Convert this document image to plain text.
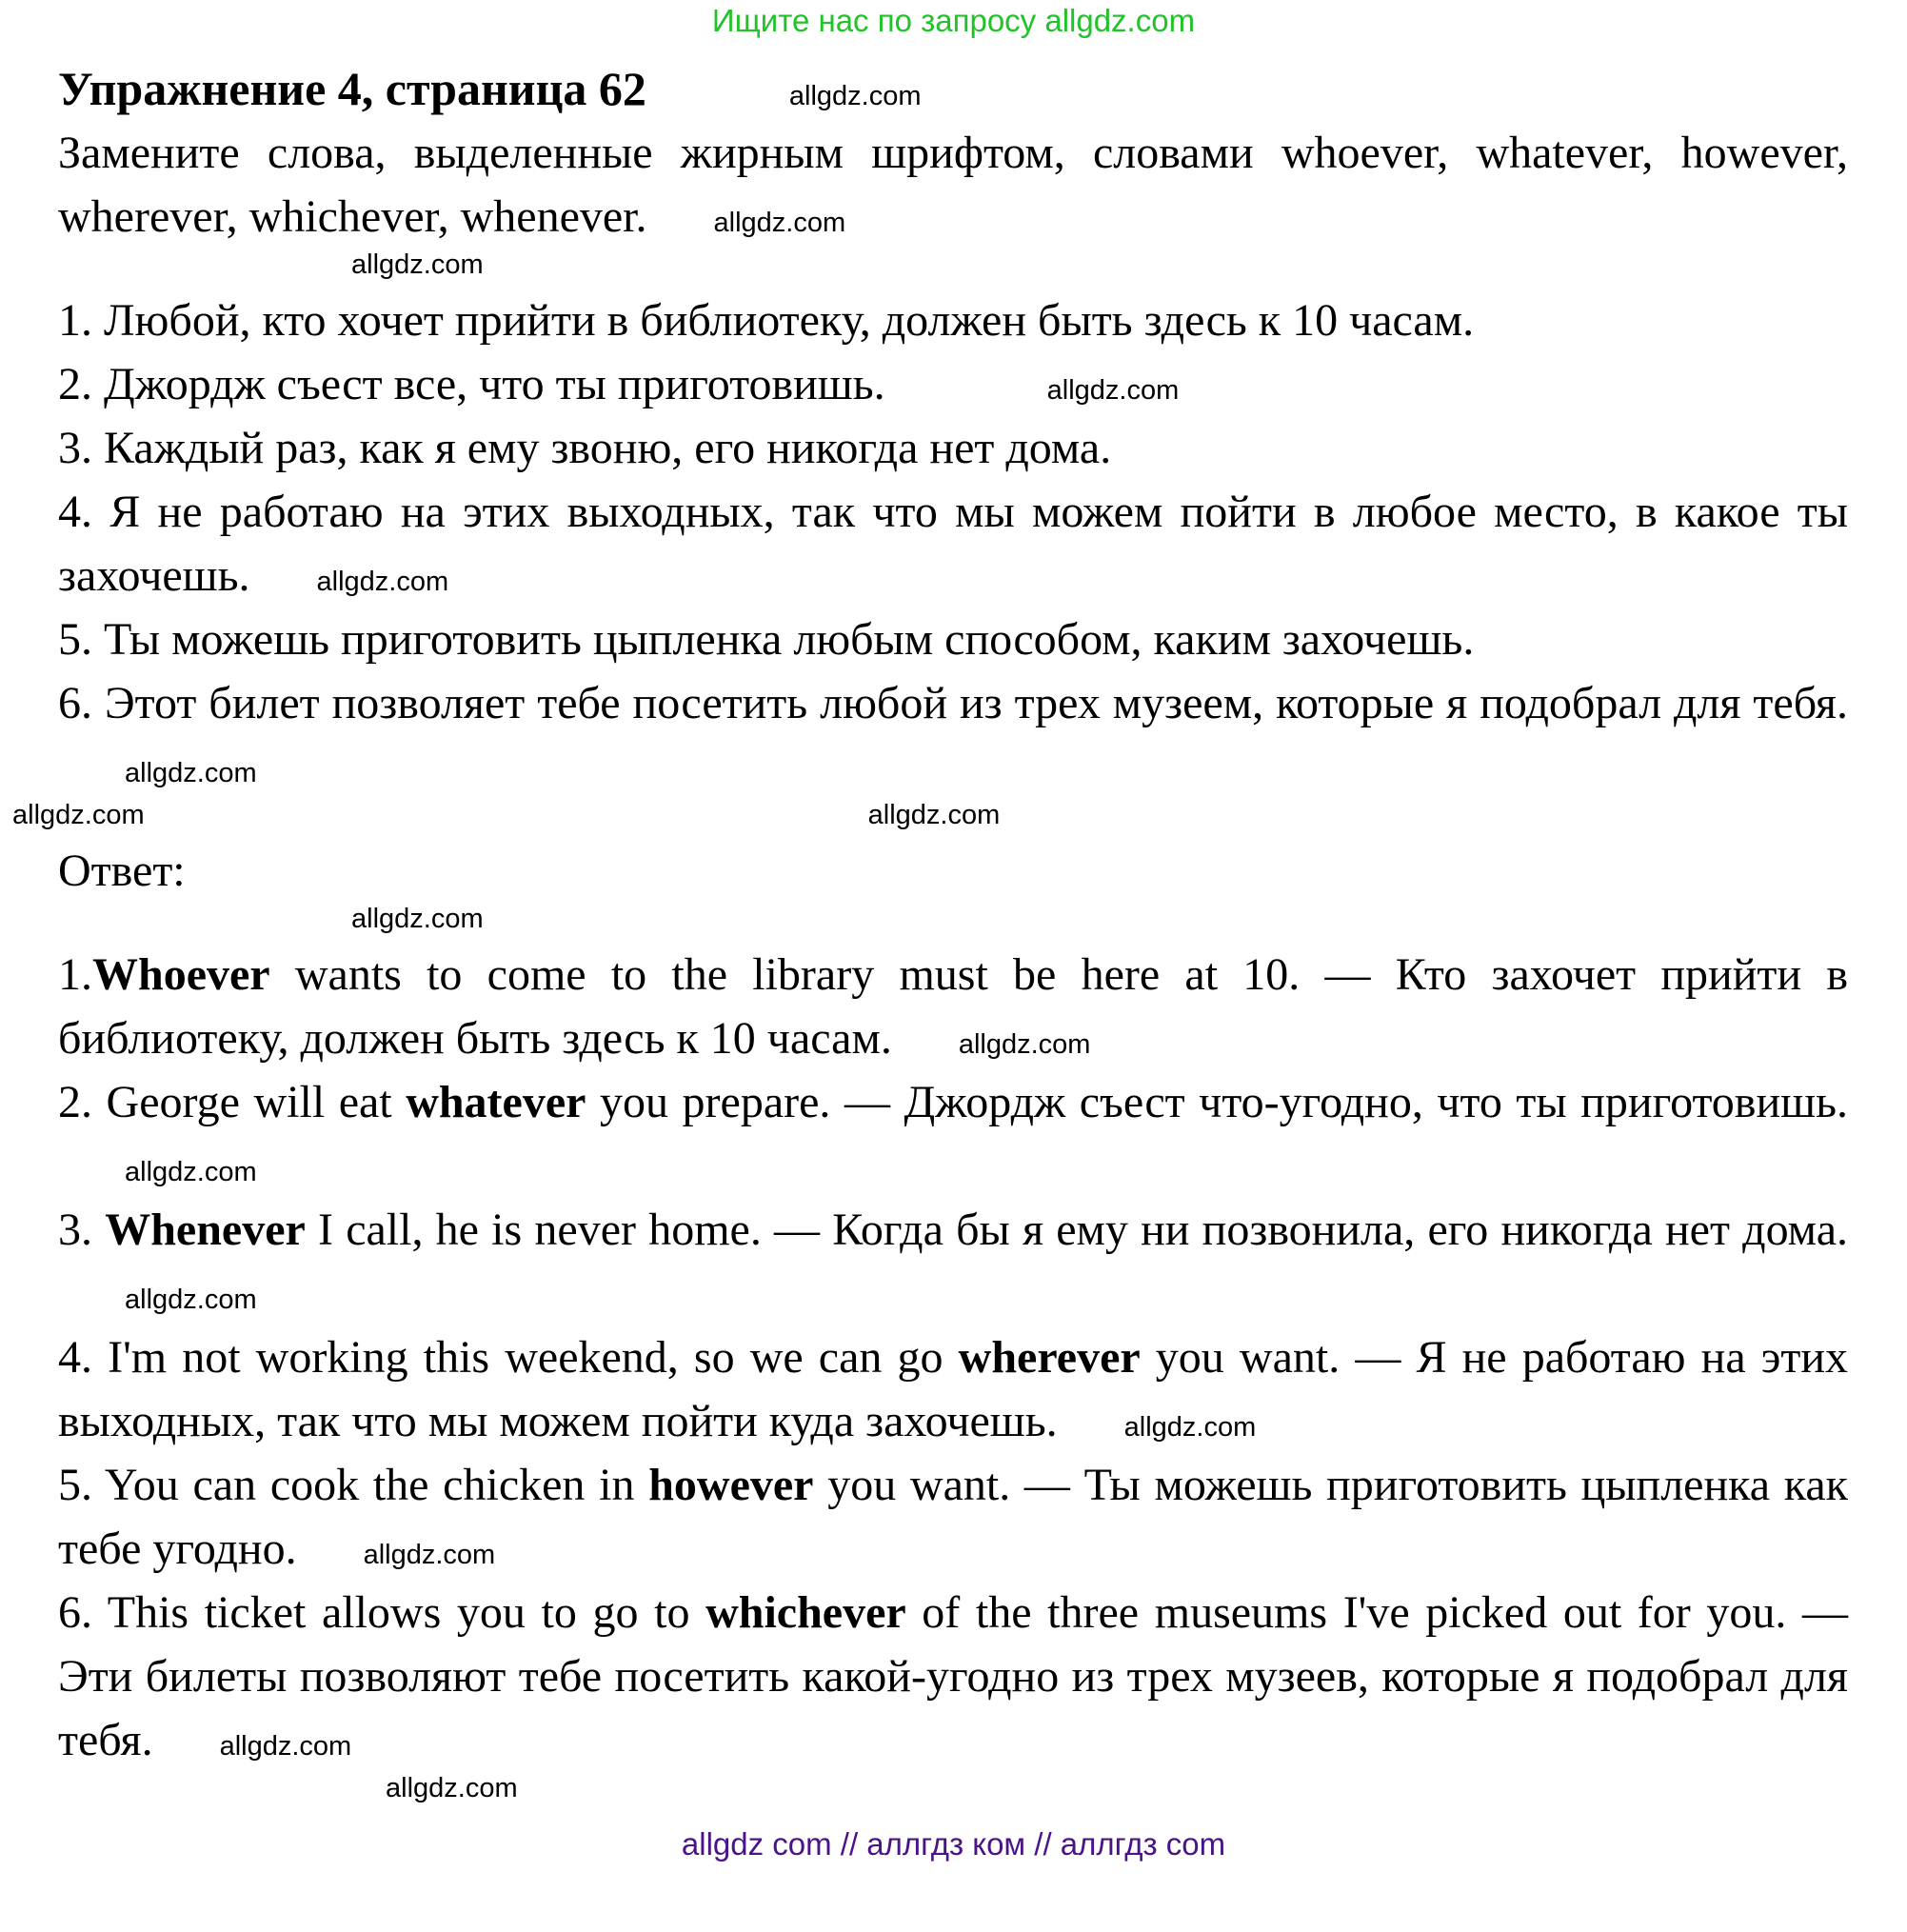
Ищите нас по запросу allgdz.com
Упражнение 4, страница 62	allgdz.com
Замените слова, выделенные жирным шрифтом, словами whoever, whatever, however, wherever, whichever, whenever. allgdz.com
allgdz.com

1. Любой, кто хочет прийти в библиотеку, должен быть здесь к 10 часам.

2. Джордж съест все, что ты приготовишь.	allgdz.com

3. Каждый раз, как я ему звоню, его никогда нет дома.

4. Я не работаю на этих выходных, так что мы можем пойти в любое место, в какое ты захочешь. allgdz.com

5. Ты можешь приготовить цыпленка любым способом, каким захочешь.

6. Этот билет позволяет тебе посетить любой из трех музеем, которые я подобрал для тебя.allgdz.com

allgdz.com	allgdz.com
Ответ:
allgdz.com

1.Whoever wants to come to the library must be here at 10. — Кто захочет прийти в библиотеку, должен быть здесь к 10 часам. allgdz.com

2. George will eat whatever you prepare. — Джордж съест что-угодно, что ты приготовишь.allgdz.com

3. Whenever I call, he is never home. — Когда бы я ему ни позвонила, его никогда нет дома.allgdz.com

4. I'm not working this weekend, so we can go wherever you want. — Я не работаю на этих выходных, так что мы можем пойти куда захочешь. allgdz.com

5. You can cook the chicken in however you want. — Ты можешь приготовить цыпленка как тебе угодно. allgdz.com

6. This ticket allows you to go to whichever of the three museums I've picked out for you. — Эти билеты позволяют тебе посетить какой-угодно из трех музеев, которые я подобрал для тебя. allgdz.com

allgdz.com
allgdz com // аллгдз ком // аллгдз com
